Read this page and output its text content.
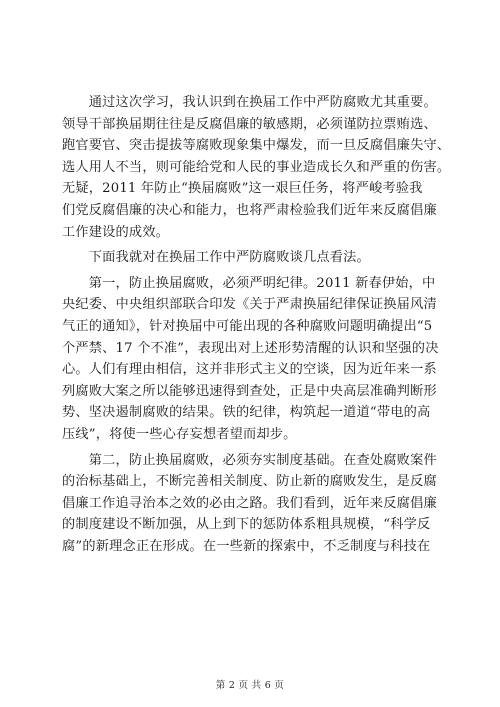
　　通过这次学习，我认识到在换届工作中严防腐败尤其重要。
领导干部换届期往往是反腐倡廉的敏感期，必须谨防拉票贿选、
跑官要官、突击提拔等腐败现象集中爆发，而一旦反腐倡廉失守、
选人用人不当，则可能给党和人民的事业造成长久和严重的伤害。
无疑，2011 年防止“换届腐败”这一艰巨任务，将严峻考验我
们党反腐倡廉的决心和能力，也将严肃检验我们近年来反腐倡廉
工作建设的成效。

　　下面我就对在换届工作中严防腐败谈几点看法。

　　第一，防止换届腐败，必须严明纪律。2011 新春伊始，中
央纪委、中央组织部联合印发《关于严肃换届纪律保证换届风清
气正的通知》，针对换届中可能出现的各种腐败问题明确提出“5
个严禁、17 个不准”，表现出对上述形势清醒的认识和坚强的决
心。人们有理由相信，这并非形式主义的空谈，因为近年来一系
列腐败大案之所以能够迅速得到查处，正是中央高层准确判断形
势、坚决遏制腐败的结果。铁的纪律，构筑起一道道“带电的高
压线”，将使一些心存妄想者望而却步。

　　第二，防止换届腐败，必须夯实制度基础。在查处腐败案件
的治标基础上，不断完善相关制度、防止新的腐败发生，是反腐
倡廉工作追寻治本之效的必由之路。我们看到，近年来反腐倡廉
的制度建设不断加强，从上到下的惩防体系粗具规模，“科学反
腐”的新理念正在形成。在一些新的探索中，不乏制度与科技在

第 2 页 共 6 页
